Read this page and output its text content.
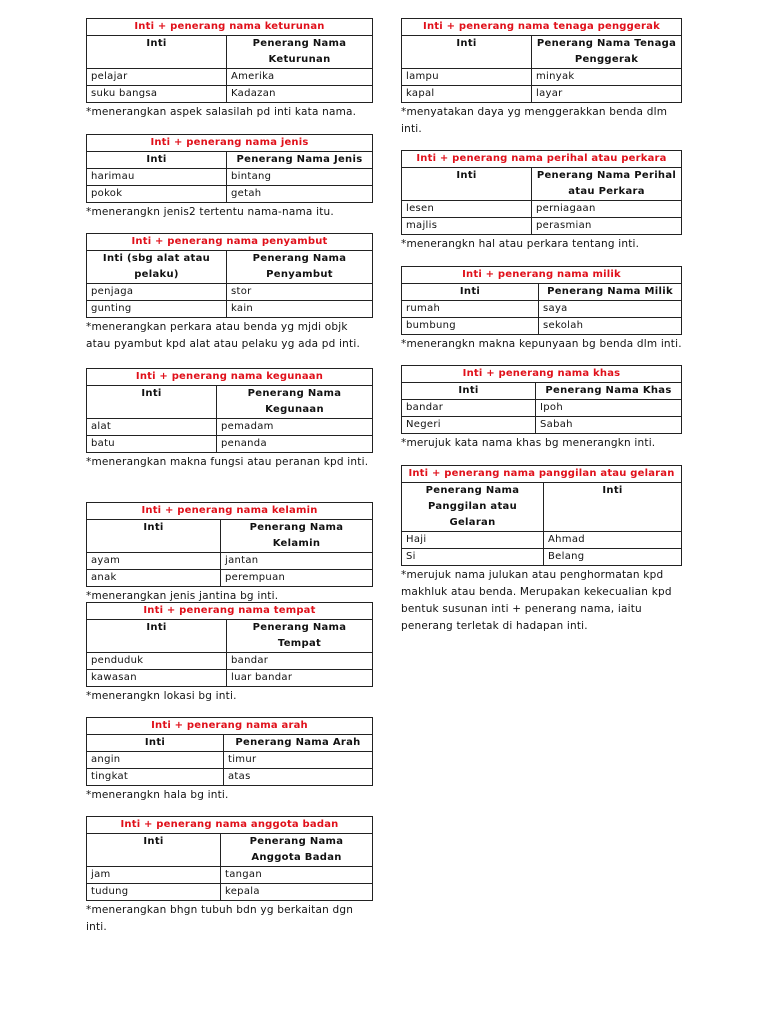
Inti + penerang nama keturunan	
Inti	Penerang Nama Keturunan
pelajar	Amerika
suku bangsa	Kadazan
*menerangkan aspek salasilah pd inti kata nama.
Inti + penerang nama jenis	
Inti	Penerang Nama Jenis
harimau	bintang
pokok	getah
*menerangkn jenis2 tertentu nama-nama itu.
Inti + penerang nama penyambut	
Inti (sbg alat atau pelaku)	Penerang Nama Penyambut
penjaga	stor
gunting	kain
*menerangkan perkara atau benda yg mjdi objk atau pyambut kpd alat atau pelaku yg ada pd inti.
Inti + penerang nama kegunaan	
Inti	Penerang Nama Kegunaan
alat	pemadam
batu	penanda
*menerangkan makna fungsi atau peranan kpd inti.
Inti + penerang nama kelamin	
Inti	Penerang Nama Kelamin
ayam	jantan
anak	perempuan
*menerangkan jenis jantina bg inti.
Inti + penerang nama tempat	
Inti	Penerang Nama Tempat
penduduk	bandar
kawasan	luar bandar
*menerangkn lokasi bg inti.
Inti + penerang nama arah	
Inti	Penerang Nama Arah
angin	timur
tingkat	atas
*menerangkn hala bg inti.
Inti + penerang nama anggota badan	
Inti	Penerang Nama Anggota Badan
jam	tangan
tudung	kepala
*menerangkan bhgn tubuh bdn yg berkaitan dgn inti.
Inti + penerang nama tenaga penggerak	
Inti	Penerang Nama Tenaga Penggerak
lampu	minyak
kapal	layar
*menyatakan daya yg menggerakkan benda dlm inti.
Inti + penerang nama perihal atau perkara	
Inti	Penerang Nama Perihal atau Perkara
lesen	perniagaan
majlis	perasmian
*menerangkn hal atau perkara tentang inti.
Inti + penerang nama milik	
Inti	Penerang Nama Milik
rumah	saya
bumbung	sekolah
*menerangkn makna kepunyaan bg benda dlm inti.
Inti + penerang nama khas	
Inti	Penerang Nama Khas
bandar	Ipoh
Negeri	Sabah
*merujuk kata nama khas bg menerangkn inti.
Inti + penerang nama panggilan atau gelaran	
Penerang Nama Panggilan atau Gelaran	Inti
Haji	Ahmad
Si	Belang
*merujuk nama julukan atau penghormatan kpd makhluk atau benda. Merupakan kekecualian kpd bentuk susunan inti + penerang nama, iaitu penerang terletak di hadapan inti.
